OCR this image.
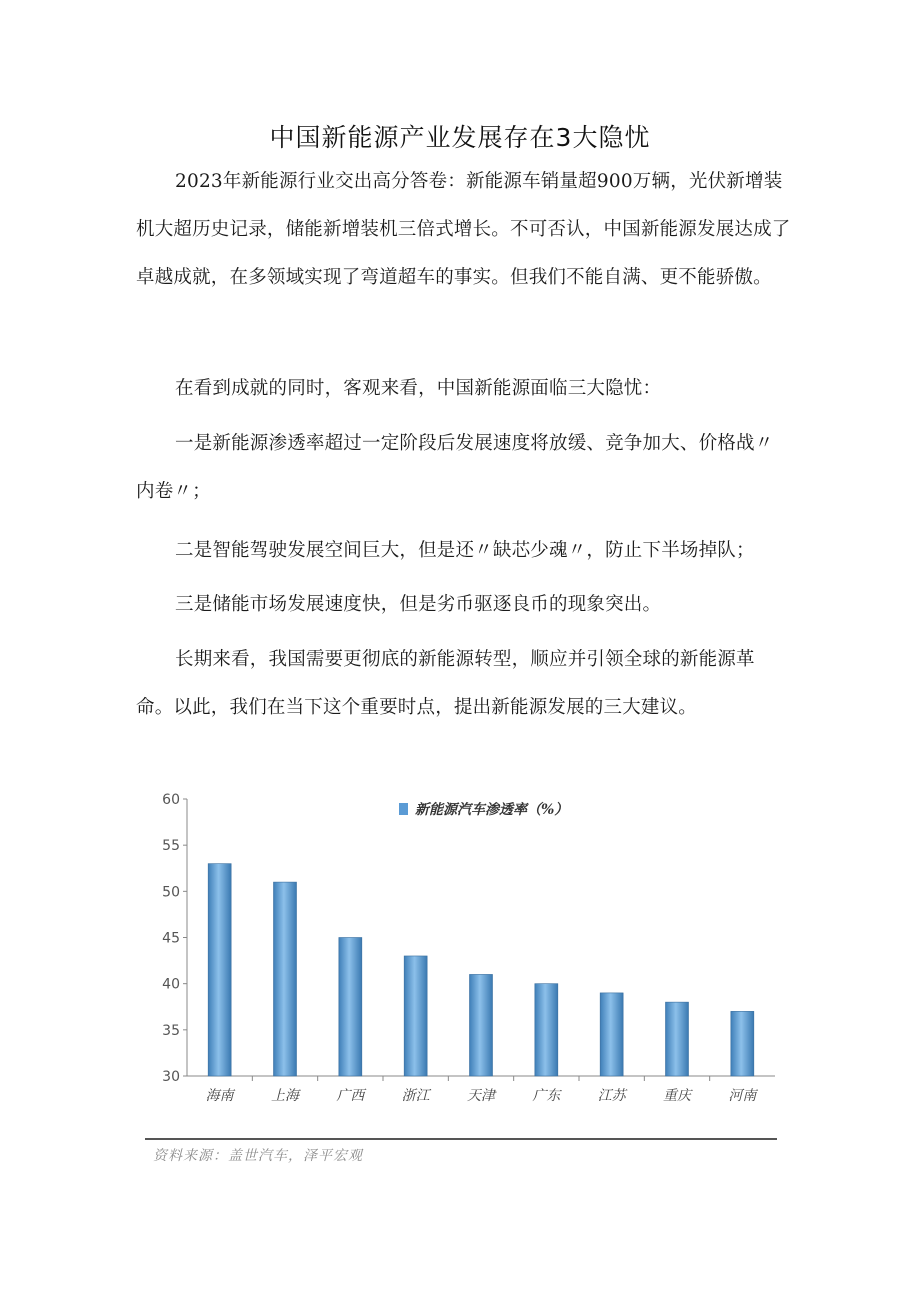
中国新能源产业发展存在3大隐忧

2023年新能源行业交出高分答卷：新能源车销量超900万辆，光伏新增装机大超历史记录，储能新增装机三倍式增长。不可否认，中国新能源发展达成了卓越成就，在多领域实现了弯道超车的事实。但我们不能自满、更不能骄傲。

在看到成就的同时，客观来看，中国新能源面临三大隐忧：

一是新能源渗透率超过一定阶段后发展速度将放缓、竞争加大、价格战〃内卷〃；

二是智能驾驶发展空间巨大，但是还〃缺芯少魂〃，防止下半场掉队；

三是储能市场发展速度快，但是劣币驱逐良币的现象突出。

长期来看，我国需要更彻底的新能源转型，顺应并引领全球的新能源革命。以此，我们在当下这个重要时点，提出新能源发展的三大建议。

30
35
40
45
50
55
60
海南	上海	广西	浙江	天津	广东	江苏	重庆	河南
新能源汽车渗透率（%）
资料来源：盖世汽车，泽平宏观
